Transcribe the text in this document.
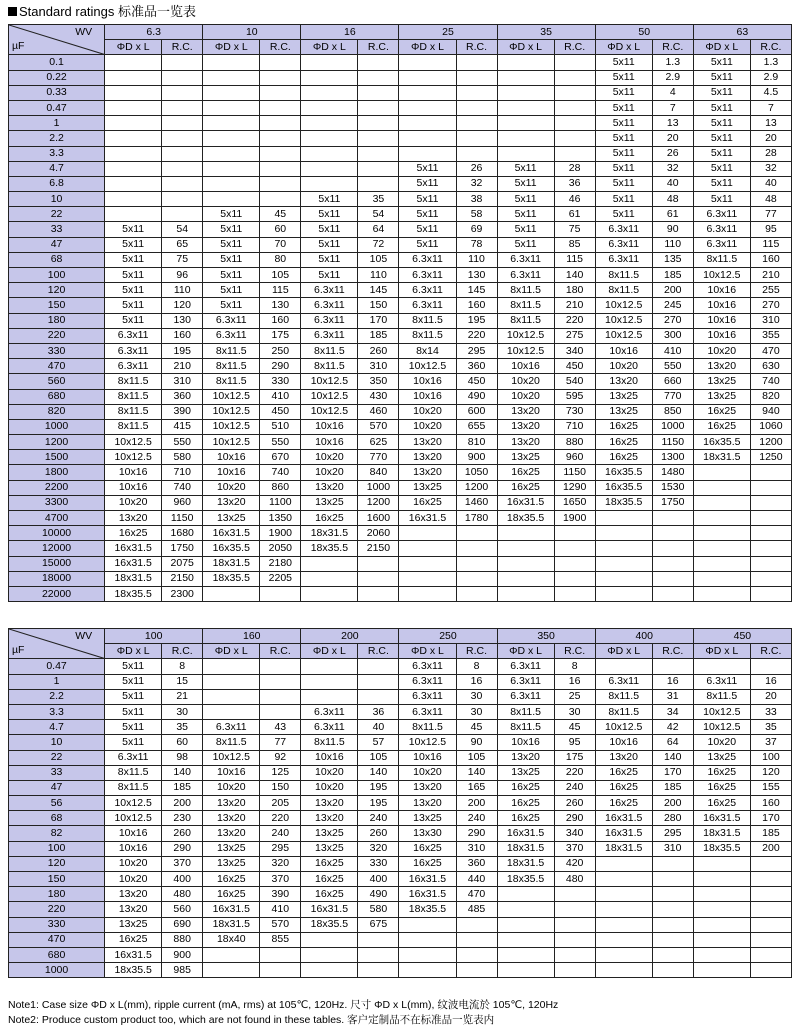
Standard ratings 标准品一览表
WV
µF	6.3		10		16		25		35		50		63	
	ΦD x L	R.C.	ΦD x L	R.C.	ΦD x L	R.C.	ΦD x L	R.C.	ΦD x L	R.C.	ΦD x L	R.C.	ΦD x L	R.C.
0.1											5x11	1.3	5x11	1.3
0.22											5x11	2.9	5x11	2.9
0.33											5x11	4	5x11	4.5
0.47											5x11	7	5x11	7
1											5x11	13	5x11	13
2.2											5x11	20	5x11	20
3.3											5x11	26	5x11	28
4.7							5x11	26	5x11	28	5x11	32	5x11	32
6.8							5x11	32	5x11	36	5x11	40	5x11	40
10					5x11	35	5x11	38	5x11	46	5x11	48	5x11	48
22			5x11	45	5x11	54	5x11	58	5x11	61	5x11	61	6.3x11	77
33	5x11	54	5x11	60	5x11	64	5x11	69	5x11	75	6.3x11	90	6.3x11	95
47	5x11	65	5x11	70	5x11	72	5x11	78	5x11	85	6.3x11	110	6.3x11	115
68	5x11	75	5x11	80	5x11	105	6.3x11	110	6.3x11	115	6.3x11	135	8x11.5	160
100	5x11	96	5x11	105	5x11	110	6.3x11	130	6.3x11	140	8x11.5	185	10x12.5	210
120	5x11	110	5x11	115	6.3x11	145	6.3x11	145	8x11.5	180	8x11.5	200	10x16	255
150	5x11	120	5x11	130	6.3x11	150	6.3x11	160	8x11.5	210	10x12.5	245	10x16	270
180	5x11	130	6.3x11	160	6.3x11	170	8x11.5	195	8x11.5	220	10x12.5	270	10x16	310
220	6.3x11	160	6.3x11	175	6.3x11	185	8x11.5	220	10x12.5	275	10x12.5	300	10x16	355
330	6.3x11	195	8x11.5	250	8x11.5	260	8x14	295	10x12.5	340	10x16	410	10x20	470
470	6.3x11	210	8x11.5	290	8x11.5	310	10x12.5	360	10x16	450	10x20	550	13x20	630
560	8x11.5	310	8x11.5	330	10x12.5	350	10x16	450	10x20	540	13x20	660	13x25	740
680	8x11.5	360	10x12.5	410	10x12.5	430	10x16	490	10x20	595	13x25	770	13x25	820
820	8x11.5	390	10x12.5	450	10x12.5	460	10x20	600	13x20	730	13x25	850	16x25	940
1000	8x11.5	415	10x12.5	510	10x16	570	10x20	655	13x20	710	16x25	1000	16x25	1060
1200	10x12.5	550	10x12.5	550	10x16	625	13x20	810	13x20	880	16x25	1150	16x35.5	1200
1500	10x12.5	580	10x16	670	10x20	770	13x20	900	13x25	960	16x25	1300	18x31.5	1250
1800	10x16	710	10x16	740	10x20	840	13x20	1050	16x25	1150	16x35.5	1480		
2200	10x16	740	10x20	860	13x20	1000	13x25	1200	16x25	1290	16x35.5	1530		
3300	10x20	960	13x20	1100	13x25	1200	16x25	1460	16x31.5	1650	18x35.5	1750		
4700	13x20	1150	13x25	1350	16x25	1600	16x31.5	1780	18x35.5	1900				
10000	16x25	1680	16x31.5	1900	18x31.5	2060								
12000	16x31.5	1750	16x35.5	2050	18x35.5	2150								
15000	16x31.5	2075	18x31.5	2180										
18000	18x31.5	2150	18x35.5	2205										
22000	18x35.5	2300												
WV
µF	100		160		200		250		350		400		450	
	ΦD x L	R.C.	ΦD x L	R.C.	ΦD x L	R.C.	ΦD x L	R.C.	ΦD x L	R.C.	ΦD x L	R.C.	ΦD x L	R.C.
0.47	5x11	8					6.3x11	8	6.3x11	8				
1	5x11	15					6.3x11	16	6.3x11	16	6.3x11	16	6.3x11	16
2.2	5x11	21					6.3x11	30	6.3x11	25	8x11.5	31	8x11.5	20
3.3	5x11	30			6.3x11	36	6.3x11	30	8x11.5	30	8x11.5	34	10x12.5	33
4.7	5x11	35	6.3x11	43	6.3x11	40	8x11.5	45	8x11.5	45	10x12.5	42	10x12.5	35
10	5x11	60	8x11.5	77	8x11.5	57	10x12.5	90	10x16	95	10x16	64	10x20	37
22	6.3x11	98	10x12.5	92	10x16	105	10x16	105	13x20	175	13x20	140	13x25	100
33	8x11.5	140	10x16	125	10x20	140	10x20	140	13x25	220	16x25	170	16x25	120
47	8x11.5	185	10x20	150	10x20	195	13x20	165	16x25	240	16x25	185	16x25	155
56	10x12.5	200	13x20	205	13x20	195	13x20	200	16x25	260	16x25	200	16x25	160
68	10x12.5	230	13x20	220	13x20	240	13x25	240	16x25	290	16x31.5	280	16x31.5	170
82	10x16	260	13x20	240	13x25	260	13x30	290	16x31.5	340	16x31.5	295	18x31.5	185
100	10x16	290	13x25	295	13x25	320	16x25	310	18x31.5	370	18x31.5	310	18x35.5	200
120	10x20	370	13x25	320	16x25	330	16x25	360	18x31.5	420				
150	10x20	400	16x25	370	16x25	400	16x31.5	440	18x35.5	480				
180	13x20	480	16x25	390	16x25	490	16x31.5	470						
220	13x20	560	16x31.5	410	16x31.5	580	18x35.5	485						
330	13x25	690	18x31.5	570	18x35.5	675								
470	16x25	880	18x40	855										
680	16x31.5	900												
1000	18x35.5	985												
Note1: Case size ΦD x L(mm), ripple current (mA, rms) at 105℃, 120Hz. 尺寸 ΦD x L(mm), 纹波电流於 105℃, 120Hz
Note2: Produce custom product too, which are not found in these tables. 客户定制品不在标准品一览表内
